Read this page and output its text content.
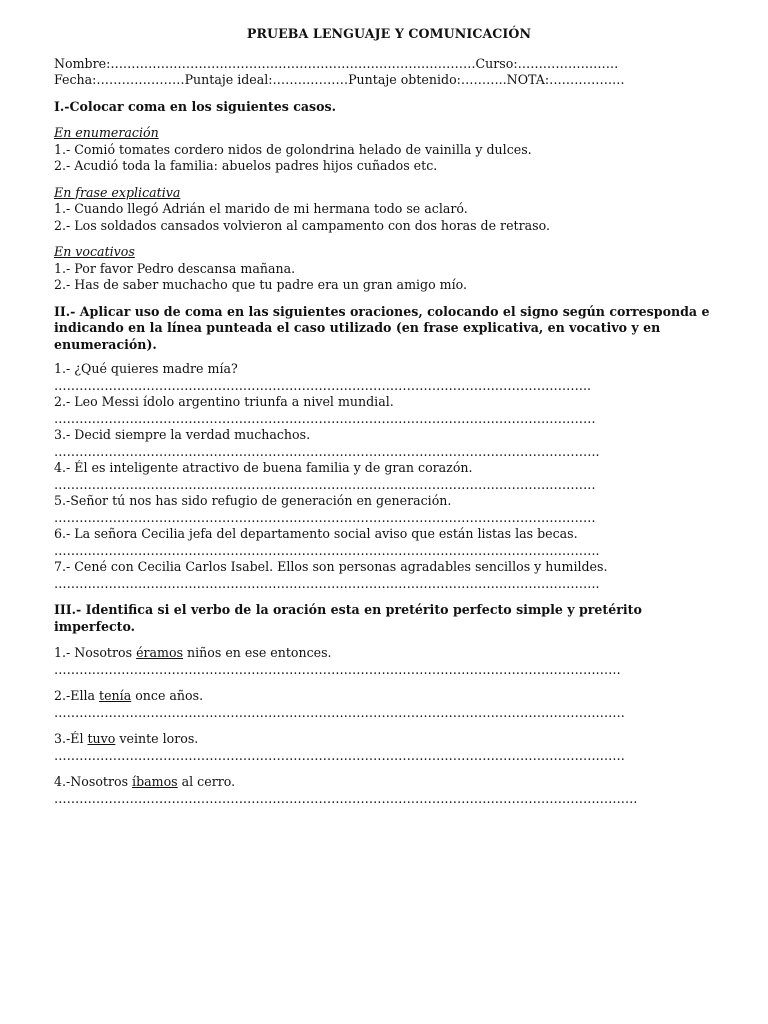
PRUEBA LENGUAJE Y COMUNICACIÓN
Nombre:……………………………………………………………………………Curso:……………………
Fecha:…………………Puntaje ideal:………………Puntaje obtenido:………..NOTA:………………
I.-Colocar coma en los siguientes casos.
En enumeración
1.- Comió tomates cordero nidos de golondrina helado de vainilla y dulces.
2.- Acudió toda la familia: abuelos padres hijos cuñados etc.
En frase explicativa
1.- Cuando llegó Adrián el marido de mi hermana todo se aclaró.
2.- Los soldados cansados volvieron al campamento con dos horas de retraso.
En vocativos
1.- Por favor Pedro descansa mañana.
2.- Has de saber muchacho que tu padre era un gran amigo mío.
II.- Aplicar uso de coma en las siguientes oraciones, colocando el signo según corresponda e indicando en la línea punteada el caso utilizado (en frase explicativa, en vocativo y en enumeración).
1.- ¿Qué quieres madre mía?
………………………………………………………………………………………………………………..
2.- Leo Messi ídolo argentino triunfa a nivel mundial.
…………………………………………………………………………………………………………………
3.- Decid siempre la verdad muchachos.
………………………………………………………………………………………………………………….
4.- Él es inteligente atractivo de buena familia y de gran corazón.
…………………………………………………………………………………………………………………
5.-Señor tú nos has sido refugio de generación en generación.
…………………………………………………………………………………………………………………
6.- La señora Cecilia jefa del departamento social aviso que están listas las becas.
………………………………………………………………………………………………………………….
7.- Cené con Cecilia Carlos Isabel. Ellos son personas agradables sencillos y humildes.
………………………………………………………………………………………………………………….
III.- Identifica si el verbo de la oración esta en pretérito perfecto simple y pretérito imperfecto.
1.- Nosotros éramos niños en ese entonces.
………………………………………………………………………………………………………………………
2.-Ella tenía once años.
……………………………………………………………………………………………………………………….
3.-Él tuvo veinte loros.
……………………………………………………………………………………………………………………….
4.-Nosotros íbamos al cerro.
………………………………………………………………………………………………………………………….
